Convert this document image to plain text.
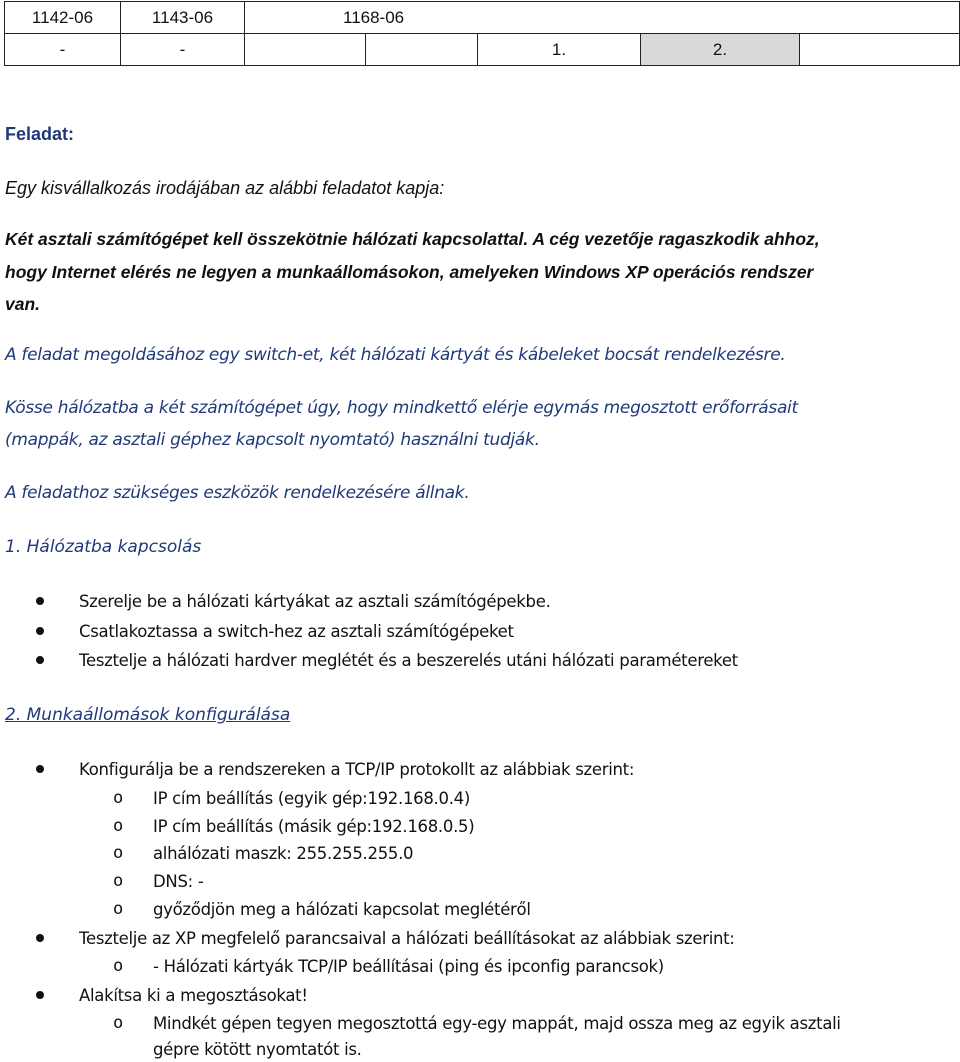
1142-06	1143-06	1168-06				
-	-			1.	2.	
Feladat:
Egy kisvállalkozás irodájában az alábbi feladatot kapja:
Két asztali számítógépet kell összekötnie hálózati kapcsolattal. A cég vezetője ragaszkodik ahhoz,
hogy Internet elérés ne legyen a munkaállomásokon, amelyeken Windows XP operációs rendszer
van.
A feladat megoldásához egy switch-et, két hálózati kártyát és kábeleket bocsát rendelkezésre.
Kösse hálózatba a két számítógépet úgy, hogy mindkettő elérje egymás megosztott erőforrásait
(mappák, az asztali géphez kapcsolt nyomtató) használni tudják.
A feladathoz szükséges eszközök rendelkezésére állnak.
1. Hálózatba kapcsolás
Szerelje be a hálózati kártyákat az asztali számítógépekbe.
Csatlakoztassa a switch-hez az asztali számítógépeket
Tesztelje a hálózati hardver meglétét és a beszerelés utáni hálózati paramétereket
2. Munkaállomások konfigurálása
Konfigurálja be a rendszereken a TCP/IP protokollt az alábbiak szerint:
o	IP cím beállítás (egyik gép:192.168.0.4)
o	IP cím beállítás (másik gép:192.168.0.5)
o	alhálózati maszk: 255.255.255.0
o	DNS: -
o	győződjön meg a hálózati kapcsolat meglétéről
Tesztelje az XP megfelelő parancsaival a hálózati beállításokat az alábbiak szerint:
o	- Hálózati kártyák TCP/IP beállításai (ping és ipconfig parancsok)
Alakítsa ki a megosztásokat!
o	Mindkét gépen tegyen megosztottá egy-egy mappát, majd ossza meg az egyik asztali
gépre kötött nyomtatót is.
